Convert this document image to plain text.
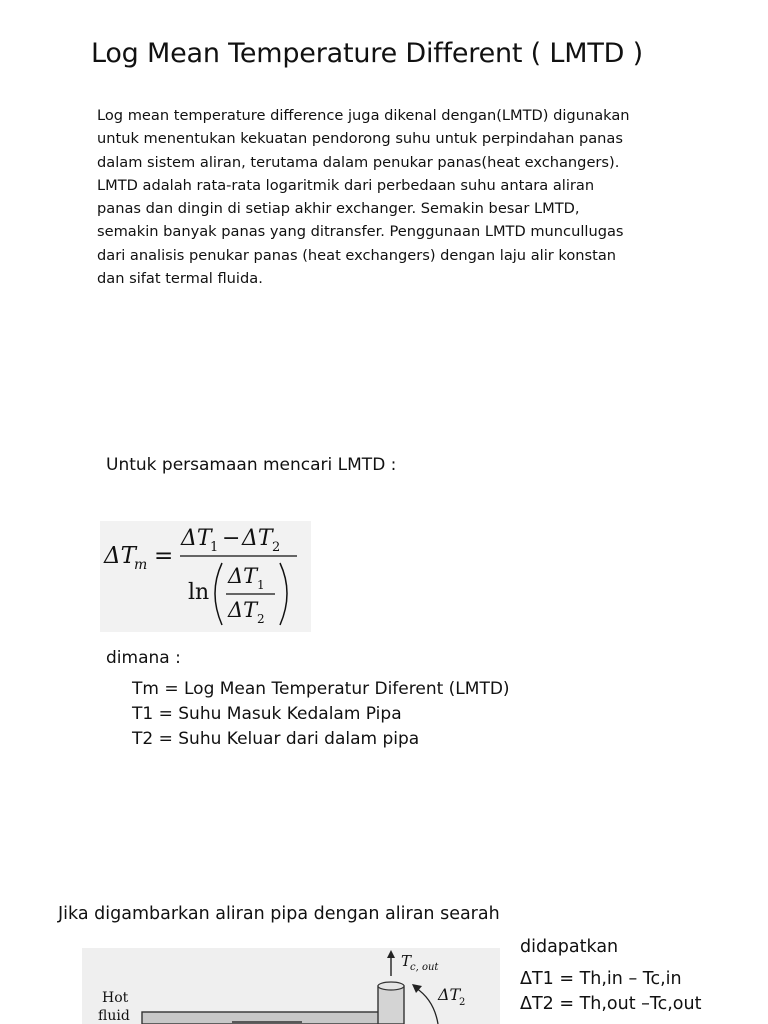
Log Mean Temperature Different ( LMTD )
Log mean temperature difference juga dikenal dengan(LMTD) digunakan
untuk menentukan kekuatan pendorong suhu untuk perpindahan panas
dalam sistem aliran, terutama dalam penukar panas(heat exchangers).
LMTD adalah rata-rata logaritmik dari perbedaan suhu antara aliran
panas dan dingin di setiap akhir exchanger. Semakin besar LMTD,
semakin banyak panas yang ditransfer. Penggunaan LMTD muncullugas
dari analisis penukar panas (heat exchangers) dengan laju alir konstan
dan sifat termal fluida.
Untuk persamaan mencari LMTD :
ΔT
m =
ΔT
1 − ΔT 2
ln
ΔT 1
ΔT 2
dimana :
Tm = Log Mean Temperatur Diferent (LMTD)
T1 = Suhu Masuk Kedalam Pipa
T2 = Suhu Keluar dari dalam pipa
Jika digambarkan aliran pipa dengan aliran searah
Hot
fluid
T
c, out
ΔT
2
didapatkan
ΔT1 = Th,in – Tc,in
ΔT2 = Th,out –Tc,out
